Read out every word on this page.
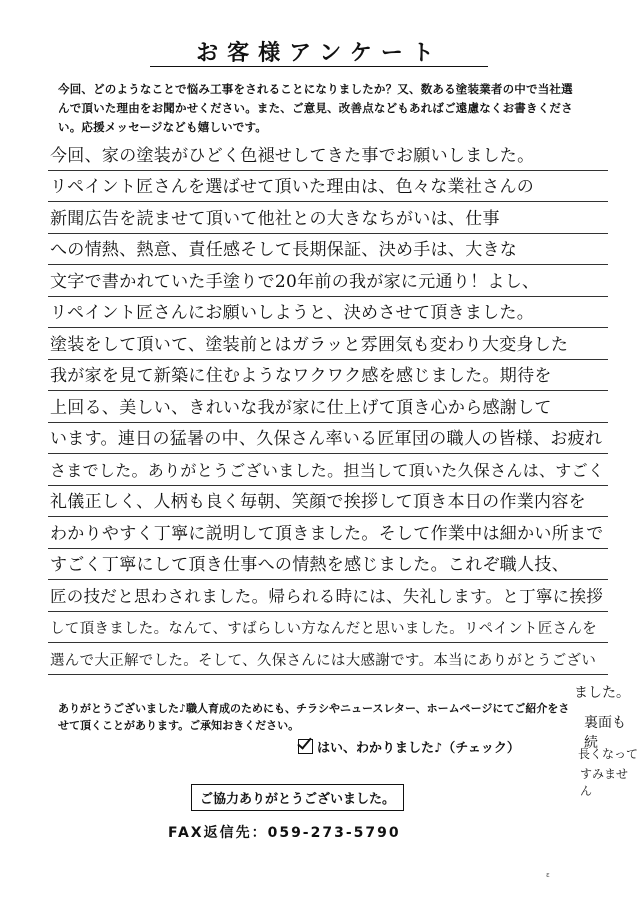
お客様アンケート
今回、どのようなことで悩み工事をされることになりましたか？又、数ある塗装業者の中で当社選んで頂いた理由をお聞かせください。また、ご意見、改善点などもあればご遠慮なくお書きください。応援メッセージなども嬉しいです。
今回、家の塗装がひどく色褪せしてきた事でお願いしました。
リペイント匠さんを選ばせて頂いた理由は、色々な業社さんの
新聞広告を読ませて頂いて他社との大きなちがいは、仕事
への情熱、熱意、責任感そして長期保証、決め手は、大きな
文字で書かれていた手塗りで20年前の我が家に元通り！よし、
リペイント匠さんにお願いしようと、決めさせて頂きました。
塗装をして頂いて、塗装前とはガラッと雰囲気も変わり大変身した
我が家を見て新築に住むようなワクワク感を感じました。期待を
上回る、美しい、きれいな我が家に仕上げて頂き心から感謝して
います。連日の猛暑の中、久保さん率いる匠軍団の職人の皆様、お疲れ
さまでした。ありがとうございました。担当して頂いた久保さんは、すごく
礼儀正しく、人柄も良く毎朝、笑顔で挨拶して頂き本日の作業内容を
わかりやすく丁寧に説明して頂きました。そして作業中は細かい所まで
すごく丁寧にして頂き仕事への情熱を感じました。これぞ職人技、
匠の技だと思わされました。帰られる時には、失礼します。と丁寧に挨拶
して頂きました。なんて、すばらしい方なんだと思いました。リペイント匠さんを
選んで大正解でした。そして、久保さんには大感謝です。本当にありがとうござい
ました。
裏面も続
長くなって
すみません
ありがとうございました♪職人育成のためにも、チラシやニュースレター、ホームページにてご紹介をさせて頂くことがあります。ご承知おきください。
はい、わかりました♪（チェック）
ご協力ありがとうございました。
FAX返信先：059-273-5790
ε
